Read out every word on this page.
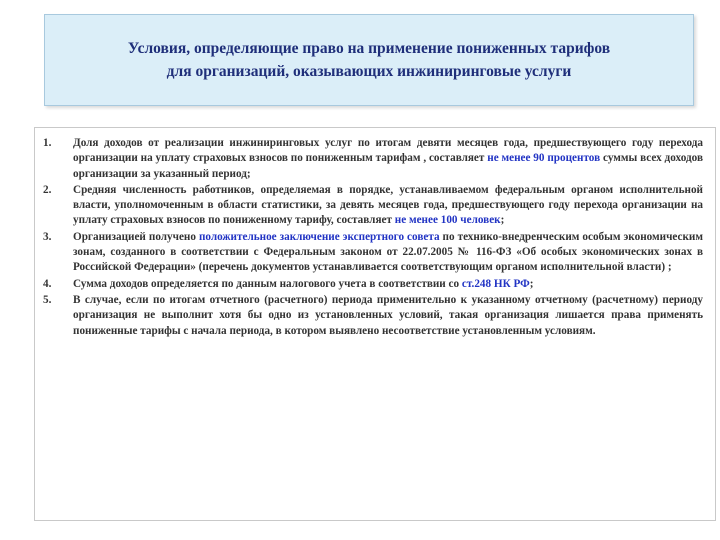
Условия, определяющие право на применение пониженных тарифов
для организаций, оказывающих инжиниринговые услуги
1.	Доля доходов от реализации инжиниринговых услуг по итогам девяти месяцев года, предшествующего году перехода организации на уплату страховых взносов по пониженным тарифам , составляет не менее 90 процентов суммы всех доходов организации за указанный период;
2.	Средняя численность работников, определяемая в порядке, устанавливаемом федеральным органом исполнительной власти, уполномоченным в области статистики, за девять месяцев года, предшествующего году перехода организации на уплату страховых взносов по пониженному тарифу, составляет не менее 100 человек;
3.	Организацией получено положительное заключение экспертного совета по технико-внедренческим особым экономическим зонам, созданного в соответствии с Федеральным законом от 22.07.2005 № 116-ФЗ «Об особых экономических зонах в Российской Федерации» (перечень документов устанавливается соответствующим органом исполнительной власти) ;
4.	Сумма доходов определяется по данным налогового учета в соответствии со ст.248 НК РФ;
5.	В случае, если по итогам отчетного (расчетного) периода применительно к указанному отчетному (расчетному) периоду организация не выполнит хотя бы одно из установленных условий, такая организация лишается права применять пониженные тарифы с начала периода, в котором выявлено несоответствие установленным условиям.
